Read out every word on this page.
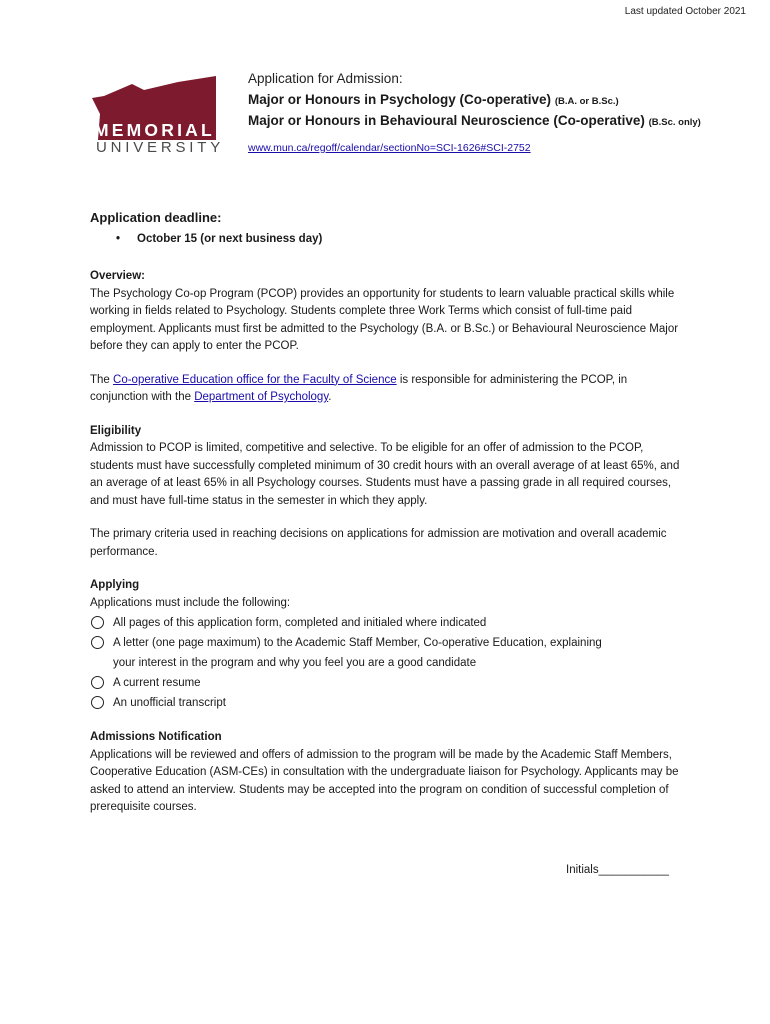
Last updated October 2021
MEMORIAL
UNIVERSITY
Application for Admission:
Major or Honours in Psychology (Co-operative) (B.A. or B.Sc.)
Major or Honours in Behavioural Neuroscience (Co-operative) (B.Sc. only)
www.mun.ca/regoff/calendar/sectionNo=SCI-1626#SCI-2752
Application deadline:
• October 15 (or next business day)

Overview:

The Psychology Co-op Program (PCOP) provides an opportunity for students to learn valuable practical skills while working in fields related to Psychology. Students complete three Work Terms which consist of full-time paid employment. Applicants must first be admitted to the Psychology (B.A. or B.Sc.) or Behavioural Neuroscience Major before they can apply to enter the PCOP.

The Co-operative Education office for the Faculty of Science is responsible for administering the PCOP, in conjunction with the Department of Psychology.

Eligibility

Admission to PCOP is limited, competitive and selective. To be eligible for an offer of admission to the PCOP, students must have successfully completed minimum of 30 credit hours with an overall average of at least 65%, and an average of at least 65% in all Psychology courses. Students must have a passing grade in all required courses, and must have full-time status in the semester in which they apply.

The primary criteria used in reaching decisions on applications for admission are motivation and overall academic performance.

Applying

Applications must include the following:

All pages of this application form, completed and initialed where indicated
A letter (one page maximum) to the Academic Staff Member, Co-operative Education, explaining
your interest in the program and why you feel you are a good candidate
A current resume
An unofficial transcript

Admissions Notification

Applications will be reviewed and offers of admission to the program will be made by the Academic Staff Members, Cooperative Education (ASM-CEs) in consultation with the undergraduate liaison for Psychology. Applicants may be asked to attend an interview. Students may be accepted into the program on condition of successful completion of prerequisite courses.

Initials___________
